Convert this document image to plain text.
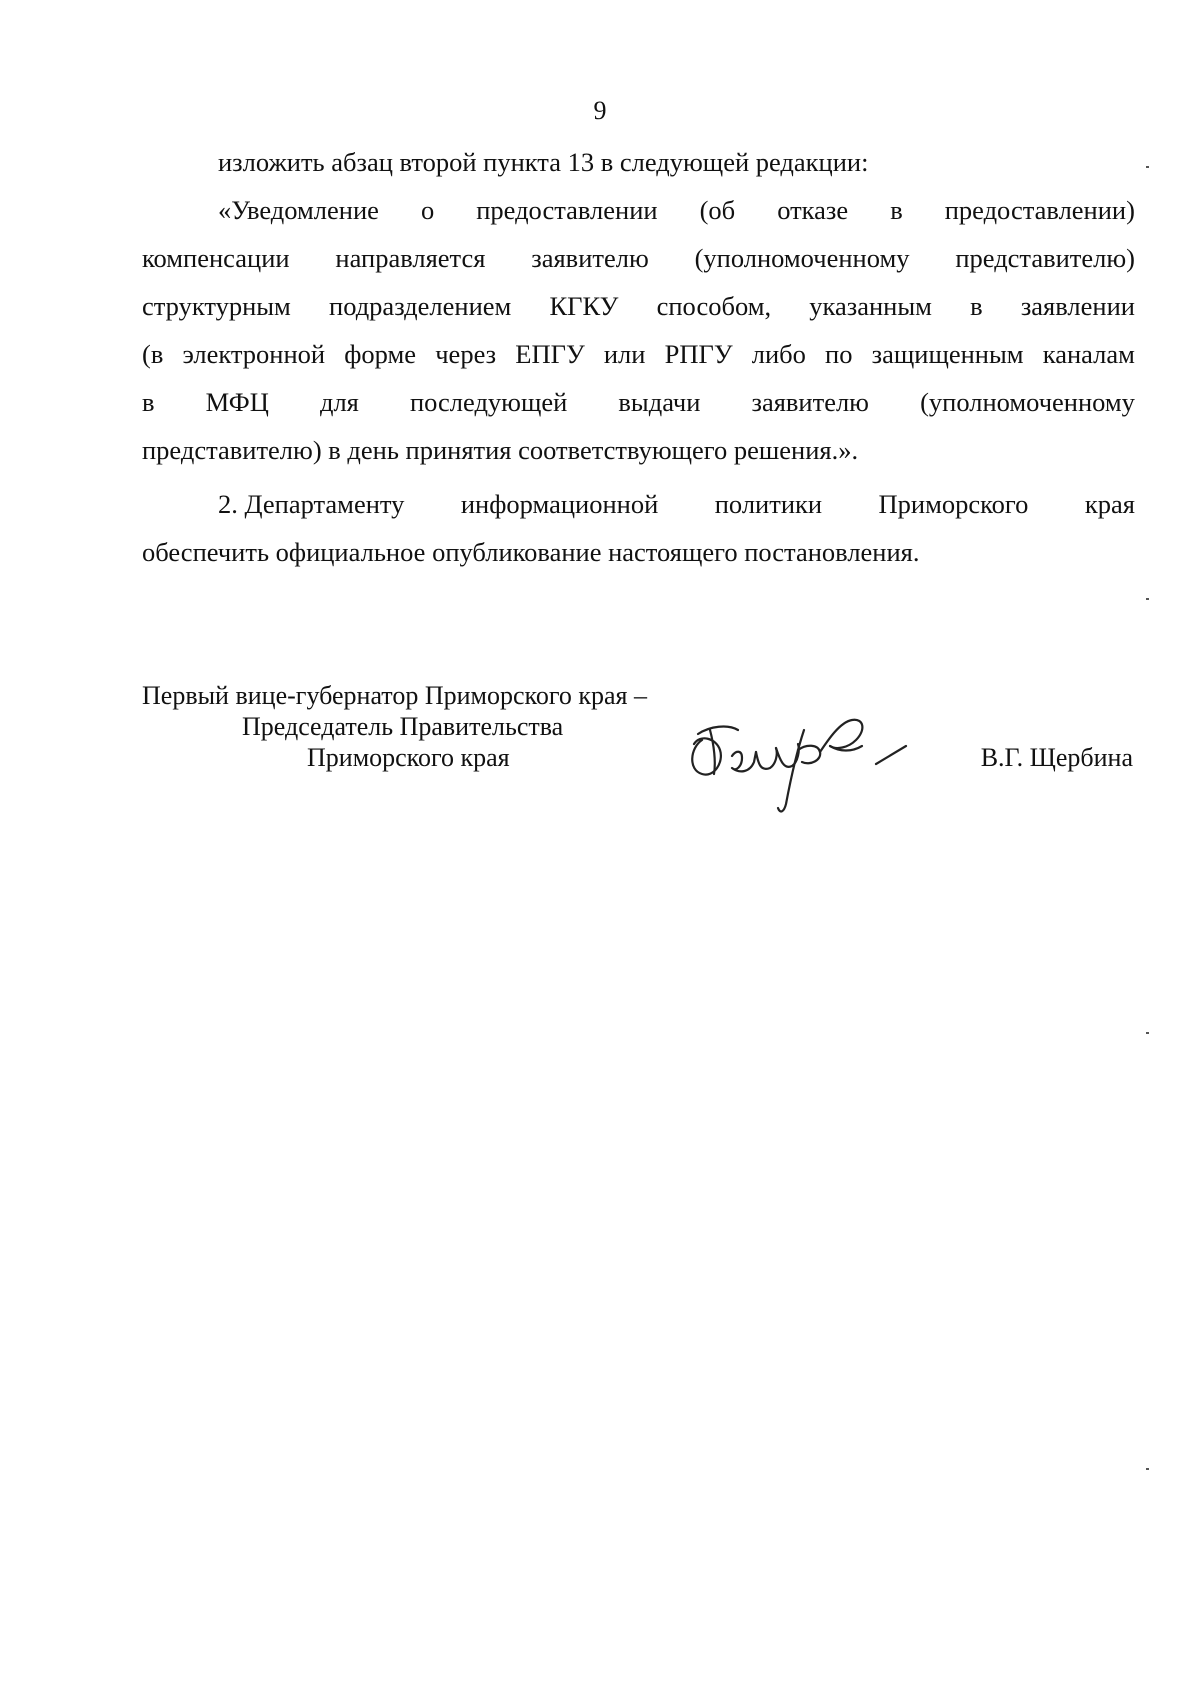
9
изложить абзац второй пункта 13 в следующей редакции:
«Уведомление о предоставлении (об отказе в предоставлении)
компенсации направляется заявителю (уполномоченному представителю)
структурным подразделением КГКУ способом, указанным в заявлении
(в электронной форме через ЕПГУ или РПГУ либо по защищенным каналам
в МФЦ для последующей выдачи заявителю (уполномоченному
представителю) в день принятия соответствующего решения.».
2. Департаменту информационной политики Приморского края
обеспечить официальное опубликование настоящего постановления.
Первый вице-губернатор Приморского края –
Председатель Правительства
Приморского края	В.Г. Щербина
